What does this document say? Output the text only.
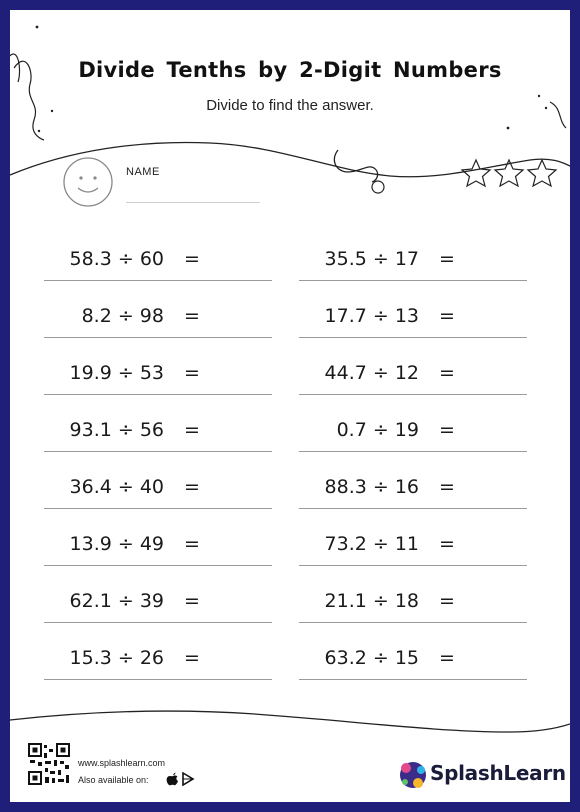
Divide Tenths by 2-Digit Numbers
Divide to find the answer.
NAME
58.3 ÷ 60 =
8.2 ÷ 98 =
19.9 ÷ 53 =
93.1 ÷ 56 =
36.4 ÷ 40 =
13.9 ÷ 49 =
62.1 ÷ 39 =
15.3 ÷ 26 =
35.5 ÷ 17 =
17.7 ÷ 13 =
44.7 ÷ 12 =
0.7 ÷ 19 =
88.3 ÷ 16 =
73.2 ÷ 11 =
21.1 ÷ 18 =
63.2 ÷ 15 =
www.splashlearn.com
Also available on:	SplashLearn
